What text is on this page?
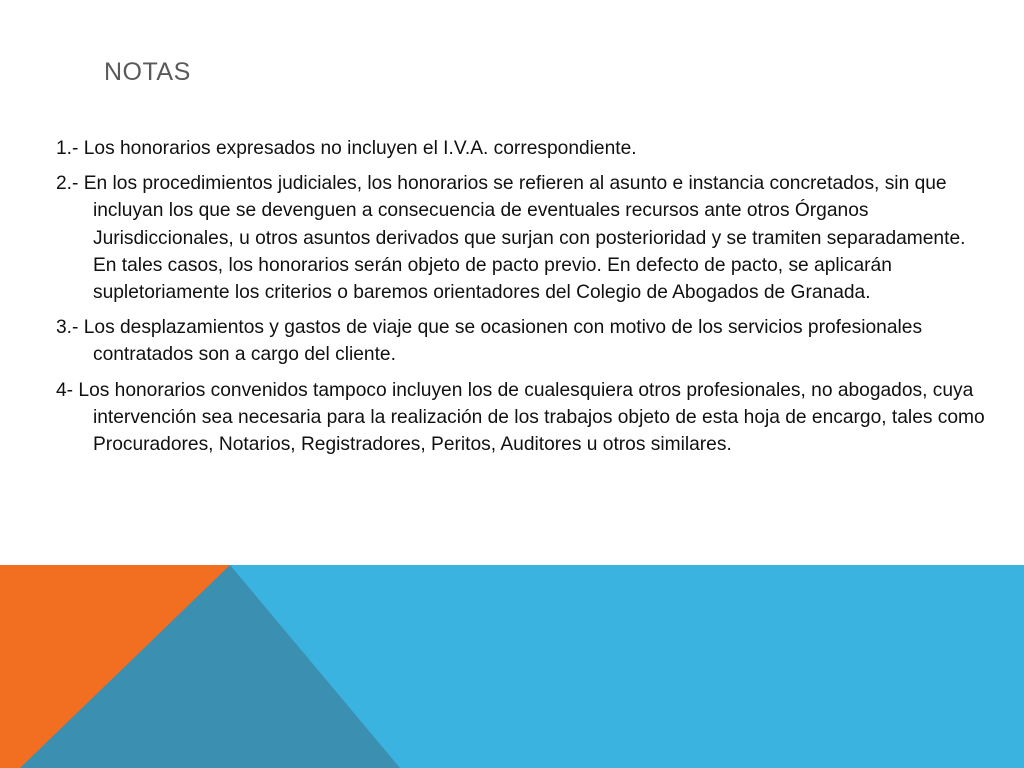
NOTAS
1.- Los honorarios expresados no incluyen el I.V.A. correspondiente.
2.- En los procedimientos judiciales, los honorarios se refieren al asunto e instancia concretados, sin que incluyan los que se devenguen a consecuencia de eventuales recursos ante otros Órganos Jurisdiccionales, u otros asuntos derivados que surjan con posterioridad y se tramiten separadamente. En tales casos, los honorarios serán objeto de pacto previo. En defecto de pacto, se aplicarán supletoriamente los criterios o baremos orientadores del Colegio de Abogados de Granada.
3.- Los desplazamientos y gastos de viaje que se ocasionen con motivo de los servicios profesionales contratados son a cargo del cliente.
4- Los honorarios convenidos tampoco incluyen los de cualesquiera otros profesionales, no abogados, cuya intervención sea necesaria para la realización de los trabajos objeto de esta hoja de encargo, tales como Procuradores, Notarios, Registradores, Peritos, Auditores u otros similares.
